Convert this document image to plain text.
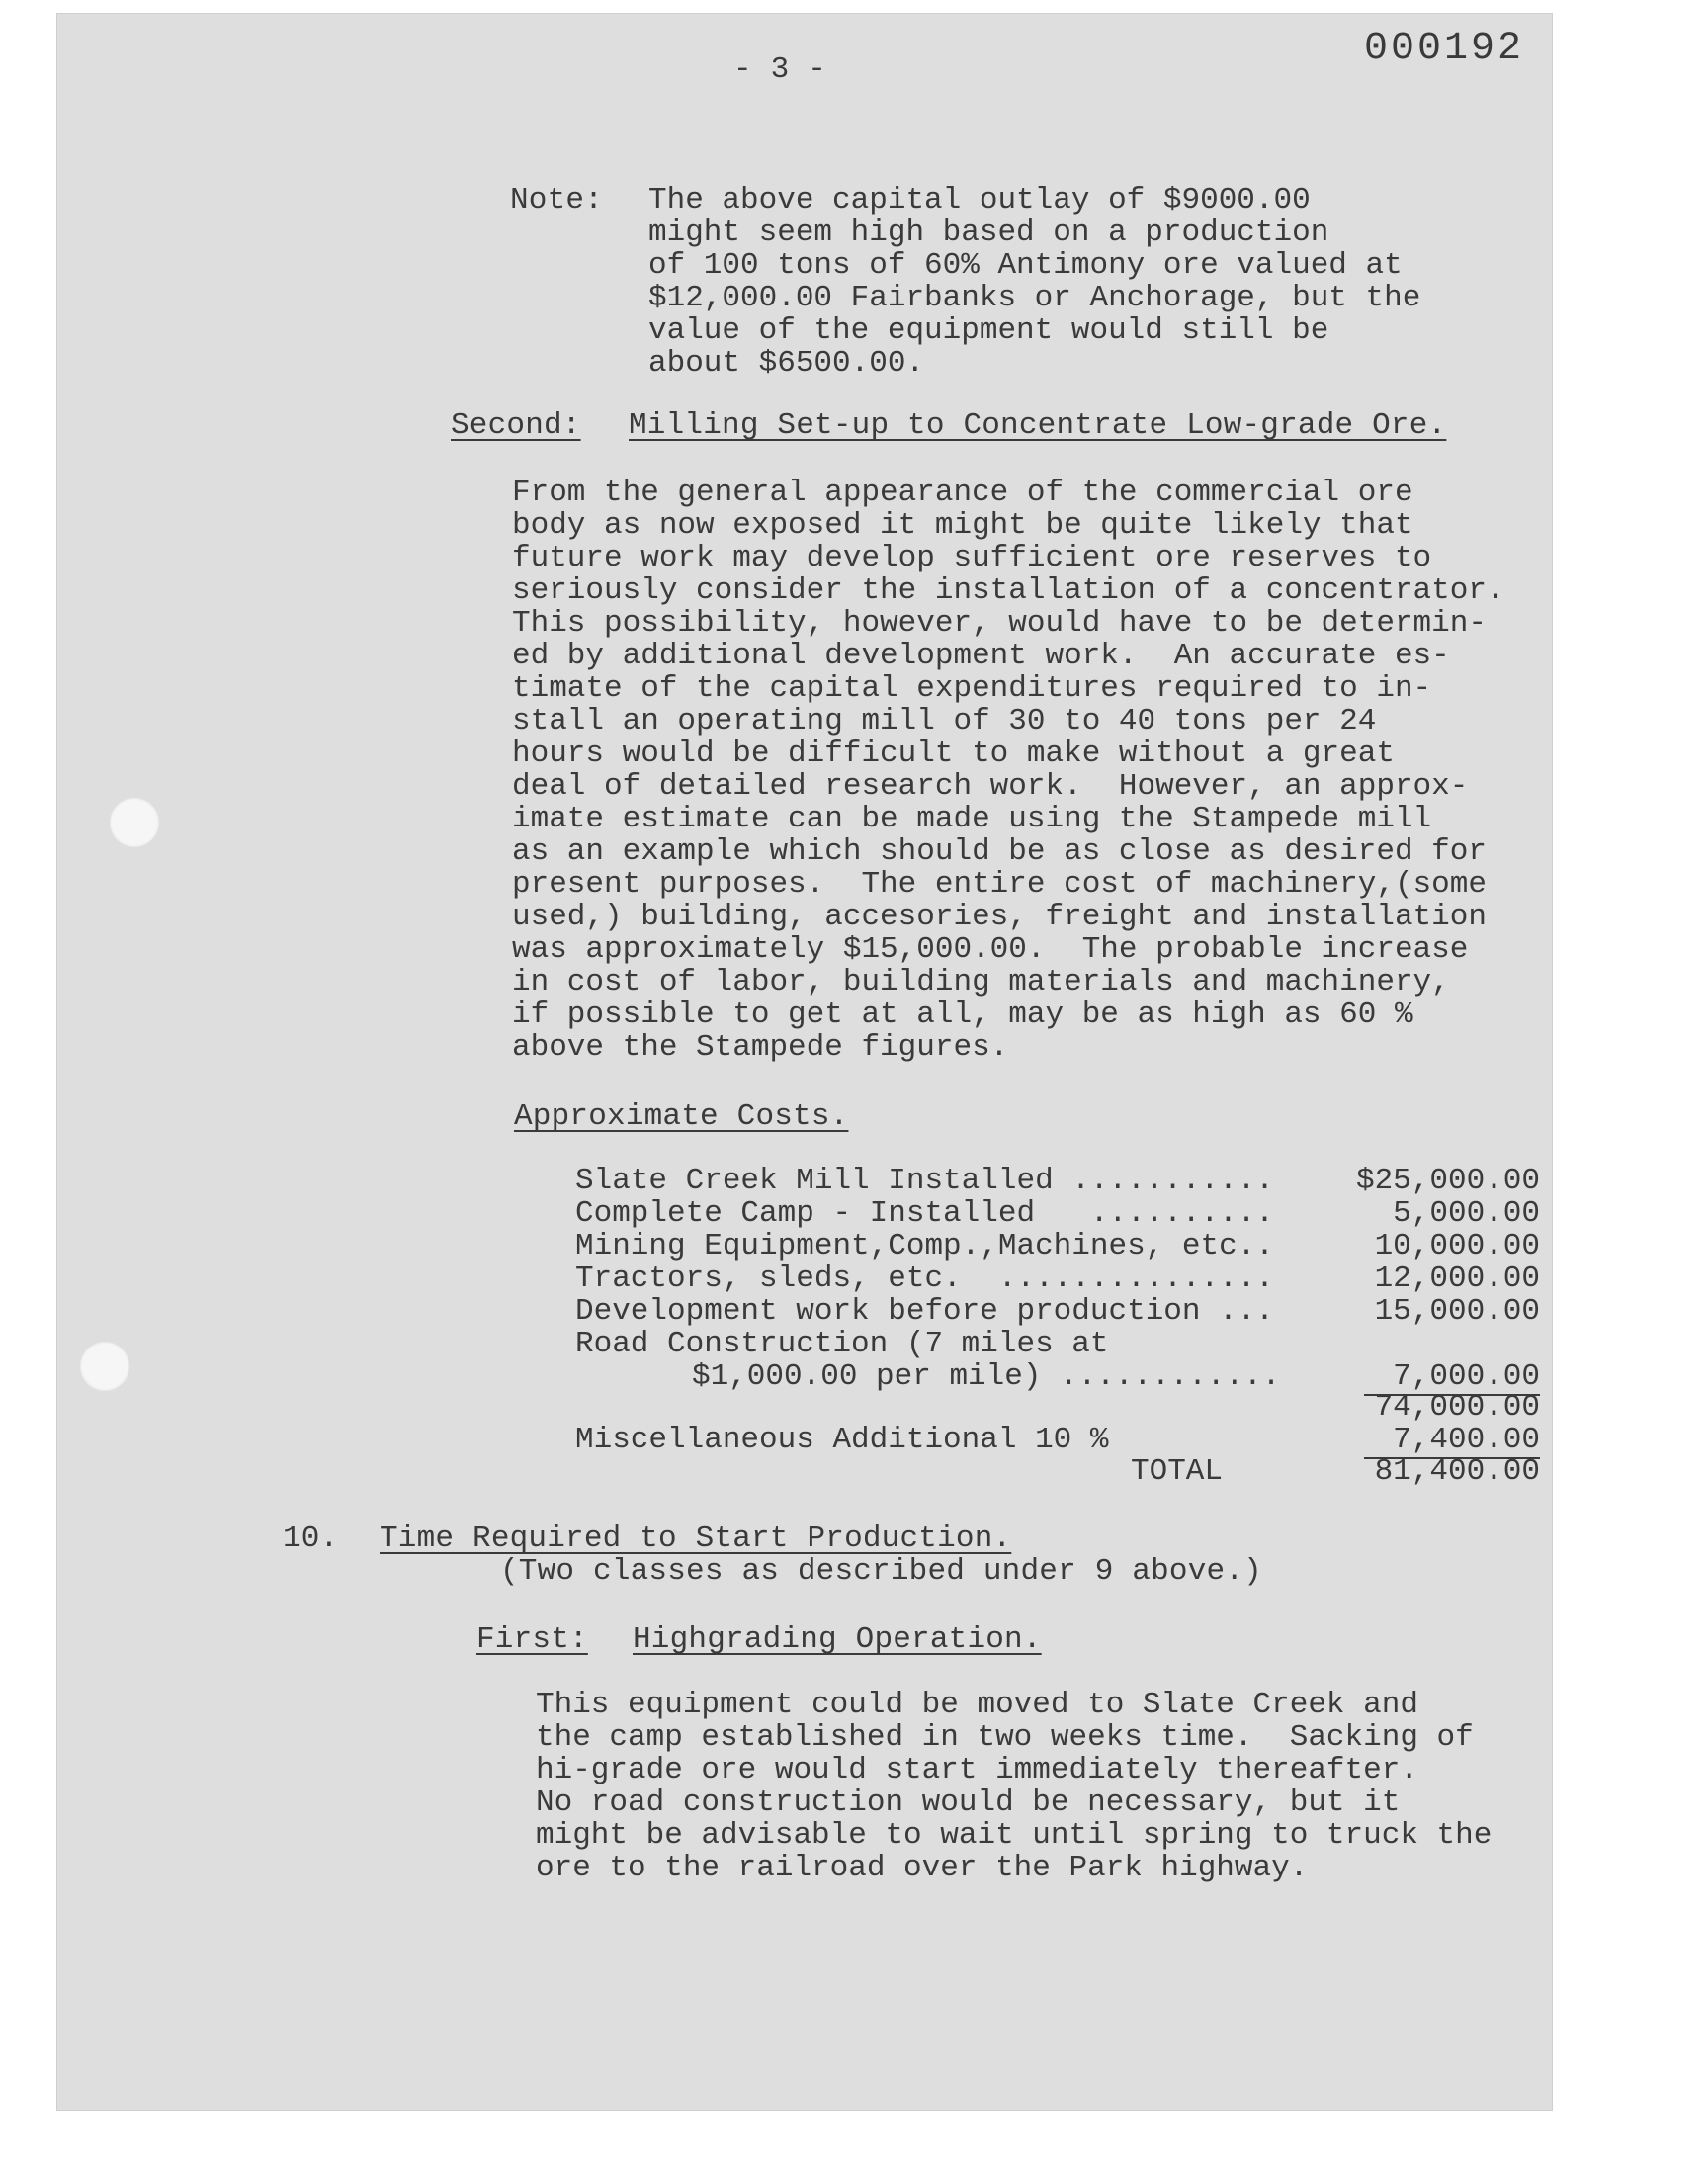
- 3 -	000192
Note: The above capital outlay of $9000.00
might seem high based on a production
of 100 tons of 60% Antimony ore valued at
$12,000.00 Fairbanks or Anchorage, but the
value of the equipment would still be
about $6500.00.
Second: Milling Set-up to Concentrate Low-grade Ore.
From the general appearance of the commercial ore
body as now exposed it might be quite likely that
future work may develop sufficient ore reserves to
seriously consider the installation of a concentrator.
This possibility, however, would have to be determin-
ed by additional development work.  An accurate es-
timate of the capital expenditures required to in-
stall an operating mill of 30 to 40 tons per 24
hours would be difficult to make without a great
deal of detailed research work.  However, an approx-
imate estimate can be made using the Stampede mill
as an example which should be as close as desired for
present purposes.  The entire cost of machinery,(some
used,) building, accesories, freight and installation
was approximately $15,000.00.  The probable increase
in cost of labor, building materials and machinery,
if possible to get at all, may be as high as 60 %
above the Stampede figures.
Approximate Costs.
Slate Creek Mill Installed ...........	$25,000.00
Complete Camp - Installed   ..........	5,000.00
Mining Equipment,Comp.,Machines, etc..	10,000.00
Tractors, sleds, etc.  ...............	12,000.00
Development work before production ...	15,000.00
Road Construction (7 miles at
$1,000.00 per mile) ............	7,000.00
74,000.00
Miscellaneous Additional 10 %	7,400.00
TOTAL	81,400.00
10. Time Required to Start Production.
(Two classes as described under 9 above.)
First: Highgrading Operation.
This equipment could be moved to Slate Creek and
the camp established in two weeks time.  Sacking of
hi-grade ore would start immediately thereafter.
No road construction would be necessary, but it
might be advisable to wait until spring to truck the
ore to the railroad over the Park highway.
